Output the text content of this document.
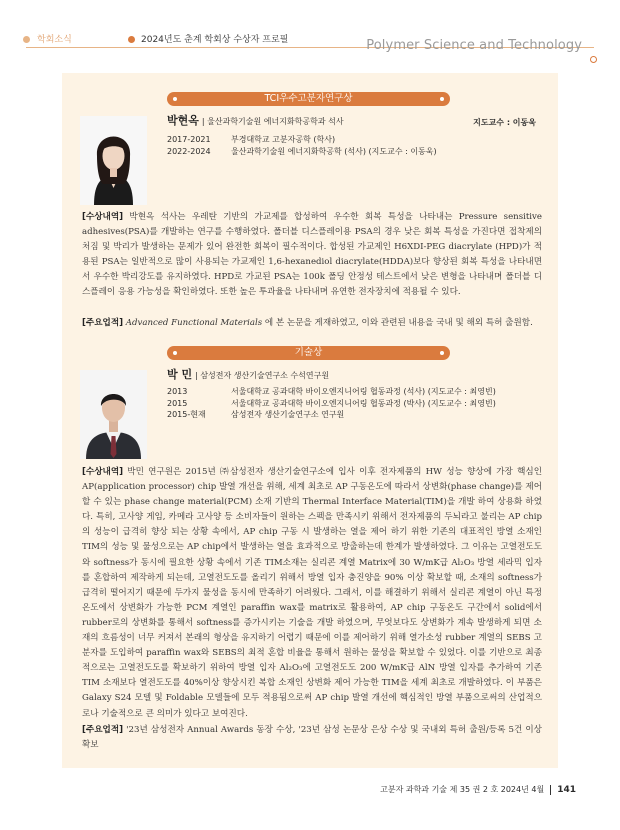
학회소식	2024년도 춘계 학회상 수상자 프로필	Polymer Science and Technology
TCI우수고분자연구상
박현옥 | 울산과학기술원 에너지화학공학과 석사	지도교수 : 이동욱
2017-2021	부경대학교 고분자공학 (학사)
2022-2024	울산과학기술원 에너지화학공학 (석사) (지도교수 : 이동욱)
[수상내역] 박현옥 석사는 우레탄 기반의 가교제를 합성하여 우수한 회복 특성을 나타내는 Pressure sensitive adhesives(PSA)를 개발하는 연구를 수행하였다. 폴더블 디스플레이용 PSA의 경우 낮은 회복 특성을 가진다면 접착제의 처짐 및 박리가 발생하는 문제가 있어 완전한 회복이 필수적이다. 합성된 가교제인 H6XDI-PEG diacrylate (HPD)가 적용된 PSA는 일반적으로 많이 사용되는 가교제인 1,6-hexanediol diacrylate(HDDA)보다 향상된 회복 특성을 나타내면서 우수한 박리강도를 유지하였다. HPD로 가교된 PSA는 100k 폴딩 안정성 테스트에서 낮은 변형을 나타내며 폴더블 디스플레이 응용 가능성을 확인하였다. 또한 높은 투과율을 나타내며 유연한 전자장치에 적용될 수 있다.
[주요업적] Advanced Functional Materials 에 본 논문을 게재하였고, 이와 관련된 내용을 국내 및 해외 특허 출원함.
기술상
박 민 | 삼성전자 생산기술연구소 수석연구원
2013	서울대학교 공과대학 바이오엔지니어링 협동과정 (석사) (지도교수 : 최영빈)
2015	서울대학교 공과대학 바이오엔지니어링 협동과정 (박사) (지도교수 : 최영빈)
2015-현재	삼성전자 생산기술연구소 연구원
[수상내역] 박민 연구원은 2015년 ㈜삼성전자 생산기술연구소에 입사 이후 전자제품의 HW 성능 향상에 가장 핵심인 AP(application processor) chip 발열 개선을 위해, 세계 최초로 AP 구동온도에 따라서 상변화(phase change)를 제어 할 수 있는 phase change material(PCM) 소재 기반의 Thermal Interface Material(TIM)을 개발 하여 상용화 하였다. 특히, 고사양 게임, 카메라 고사양 등 소비자들이 원하는 스펙을 만족시키 위해서 전자제품의 두뇌라고 불리는 AP chip의 성능이 급격히 향상 되는 상황 속에서, AP chip 구동 시 발생하는 열을 제어 하기 위한 기존의 대표적인 방열 소재인 TIM의 성능 및 물성으로는 AP chip에서 발생하는 열을 효과적으로 방출하는데 한계가 발생하였다. 그 이유는 고열전도도와 softness가 동시에 필요한 상황 속에서 기존 TIM소재는 실리콘 계열 Matrix에 30 W/mK급 Al₂O₃ 방열 세라믹 입자를 혼합하여 제작하게 되는데, 고열전도도를 올리기 위해서 방열 입자 충진양을 90% 이상 확보할 때, 소재의 softness가 급격히 떨어지기 때문에 두가지 물성을 동시에 만족하기 어려웠다. 그래서, 이를 해결하기 위해서 실리콘 계열이 아닌 특정 온도에서 상변화가 가능한 PCM 계열인 paraffin wax를 matrix로 활용하여, AP chip 구동온도 구간에서 solid에서 rubber로의 상변화를 통해서 softness를 증가시키는 기술을 개발 하였으며, 무엇보다도 상변화가 계속 발생하게 되면 소재의 흐름성이 너무 커져서 본래의 형상을 유지하기 어렵기 때문에 이를 제어하기 위해 열가소성 rubber 계열의 SEBS 고분자를 도입하여 paraffin wax와 SEBS의 최적 혼합 비율을 통해서 원하는 물성을 확보할 수 있었다. 이를 기반으로 최종적으로는 고열전도도를 확보하기 위하여 방열 입자 Al₂O₃에 고열전도도 200 W/mK급 AlN 방열 입자를 추가하여 기존 TIM 소재보다 열전도도를 40%이상 향상시킨 복합 소재인 상변화 제어 가능한 TIM을 세계 최초로 개발하였다. 이 부품은 Galaxy S24 모델 및 Foldable 모델들에 모두 적용됨으로써 AP chip 발열 개선에 핵심적인 방열 부품으로써의 산업적으로나 기술적으로 큰 의미가 있다고 보여진다.
[주요업적] '23년 삼성전자 Annual Awards 동장 수상, '23년 삼성 논문상 은상 수상 및 국내외 특허 출원/등록 5건 이상 확보
고분자 과학과 기술 제 35 권 2 호 2024년 4월 141
